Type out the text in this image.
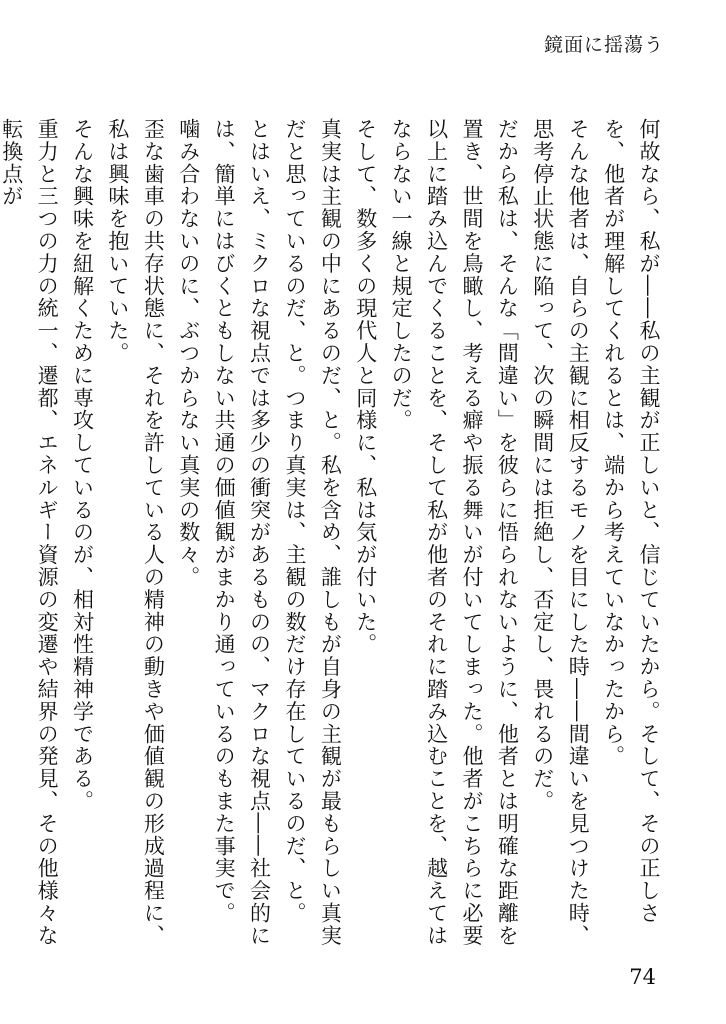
鏡面に揺蕩う

何故なら、私が――私の主観が正しいと、信じていたから。そして、その正しさを、他者が理解してくれるとは、端から考えていなかったから。

そんな他者は、自らの主観に相反するモノを目にした時――間違いを見つけた時、思考停止状態に陥って、次の瞬間には拒絶し、否定し、畏れるのだ。

だから私は、そんな「間違い」を彼らに悟られないように、他者とは明確な距離を置き、世間を鳥瞰し、考える癖や振る舞いが付いてしまった。他者がこちらに必要以上に踏み込んでくることを、そして私が他者のそれに踏み込むことを、越えてはならない一線と規定したのだ。

そして、数多くの現代人と同様に、私は気が付いた。

真実は主観の中にあるのだ、と。私を含め、誰しもが自身の主観が最もらしい真実だと思っているのだ、と。つまり真実は、主観の数だけ存在しているのだ、と。

とはいえ、ミクロな視点では多少の衝突があるものの、マクロな視点――社会的には、簡単にはびくともしない共通の価値観がまかり通っているのもまた事実で。

噛み合わないのに、ぶつからない真実の数々。

歪な歯車の共存状態に、それを許している人の精神の動きや価値観の形成過程に、私は興味を抱いていた。

そんな興味を紐解くために専攻しているのが、相対性精神学である。

重力と三つの力の統一、遷都、エネルギー資源の変遷や結界の発見、その他様々な転換点が

74
